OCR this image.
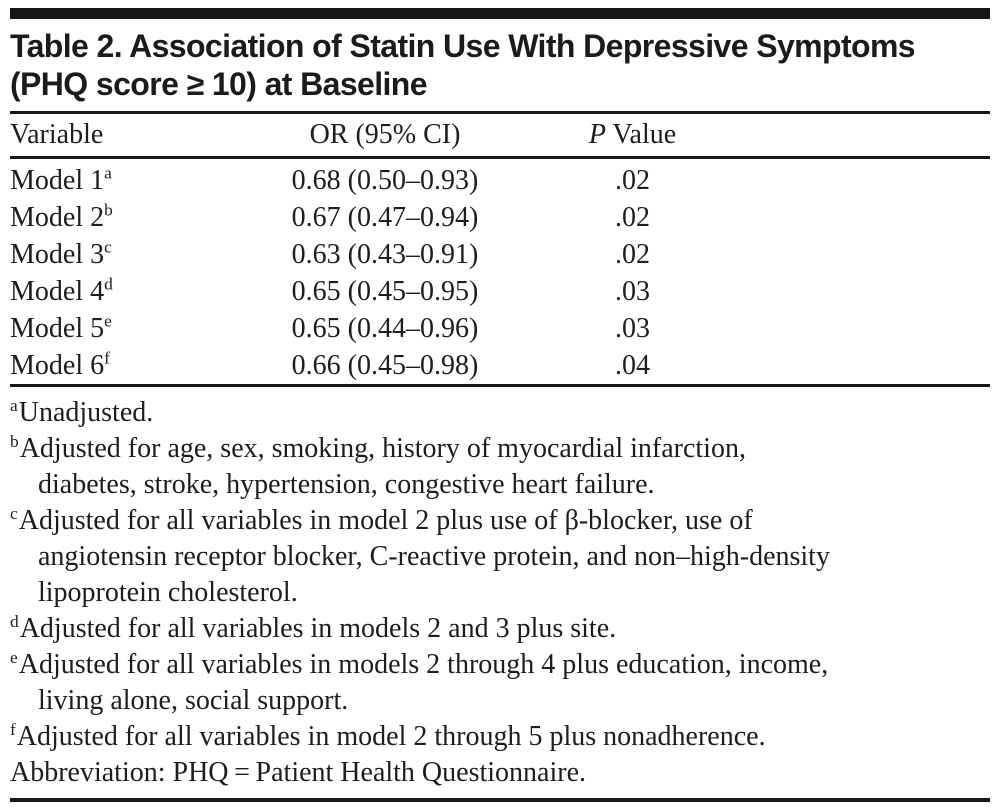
Table 2. Association of Statin Use With Depressive Symptoms
(PHQ score ≥ 10) at Baseline
Variable	OR (95% CI)	P Value	
Model 1$^a$	0.68 (0.50–0.93)	.02	
Model 2$^b$	0.67 (0.47–0.94)	.02	
Model 3$^c$	0.63 (0.43–0.91)	.02	
Model 4$^d$	0.65 (0.45–0.95)	.03	
Model 5e	0.65 (0.44–0.96)	.03	
Model 6$^f$	0.66 (0.45–0.98)	.04	
$^a$Unadjusted.
$^b$Adjusted for age, sex, smoking, history of myocardial infarction,
diabetes, stroke, hypertension, congestive heart failure.
$^c$Adjusted for all variables in model 2 plus use of β-blocker, use of
angiotensin receptor blocker, C-reactive protein, and non–high-density
lipoprotein cholesterol.
$^d$Adjusted for all variables in models 2 and 3 plus site.
$^e$Adjusted for all variables in models 2 through 4 plus education, income,
living alone, social support.
$^f$Adjusted for all variables in model 2 through 5 plus nonadherence.
Abbreviation: PHQ = Patient Health Questionnaire.
